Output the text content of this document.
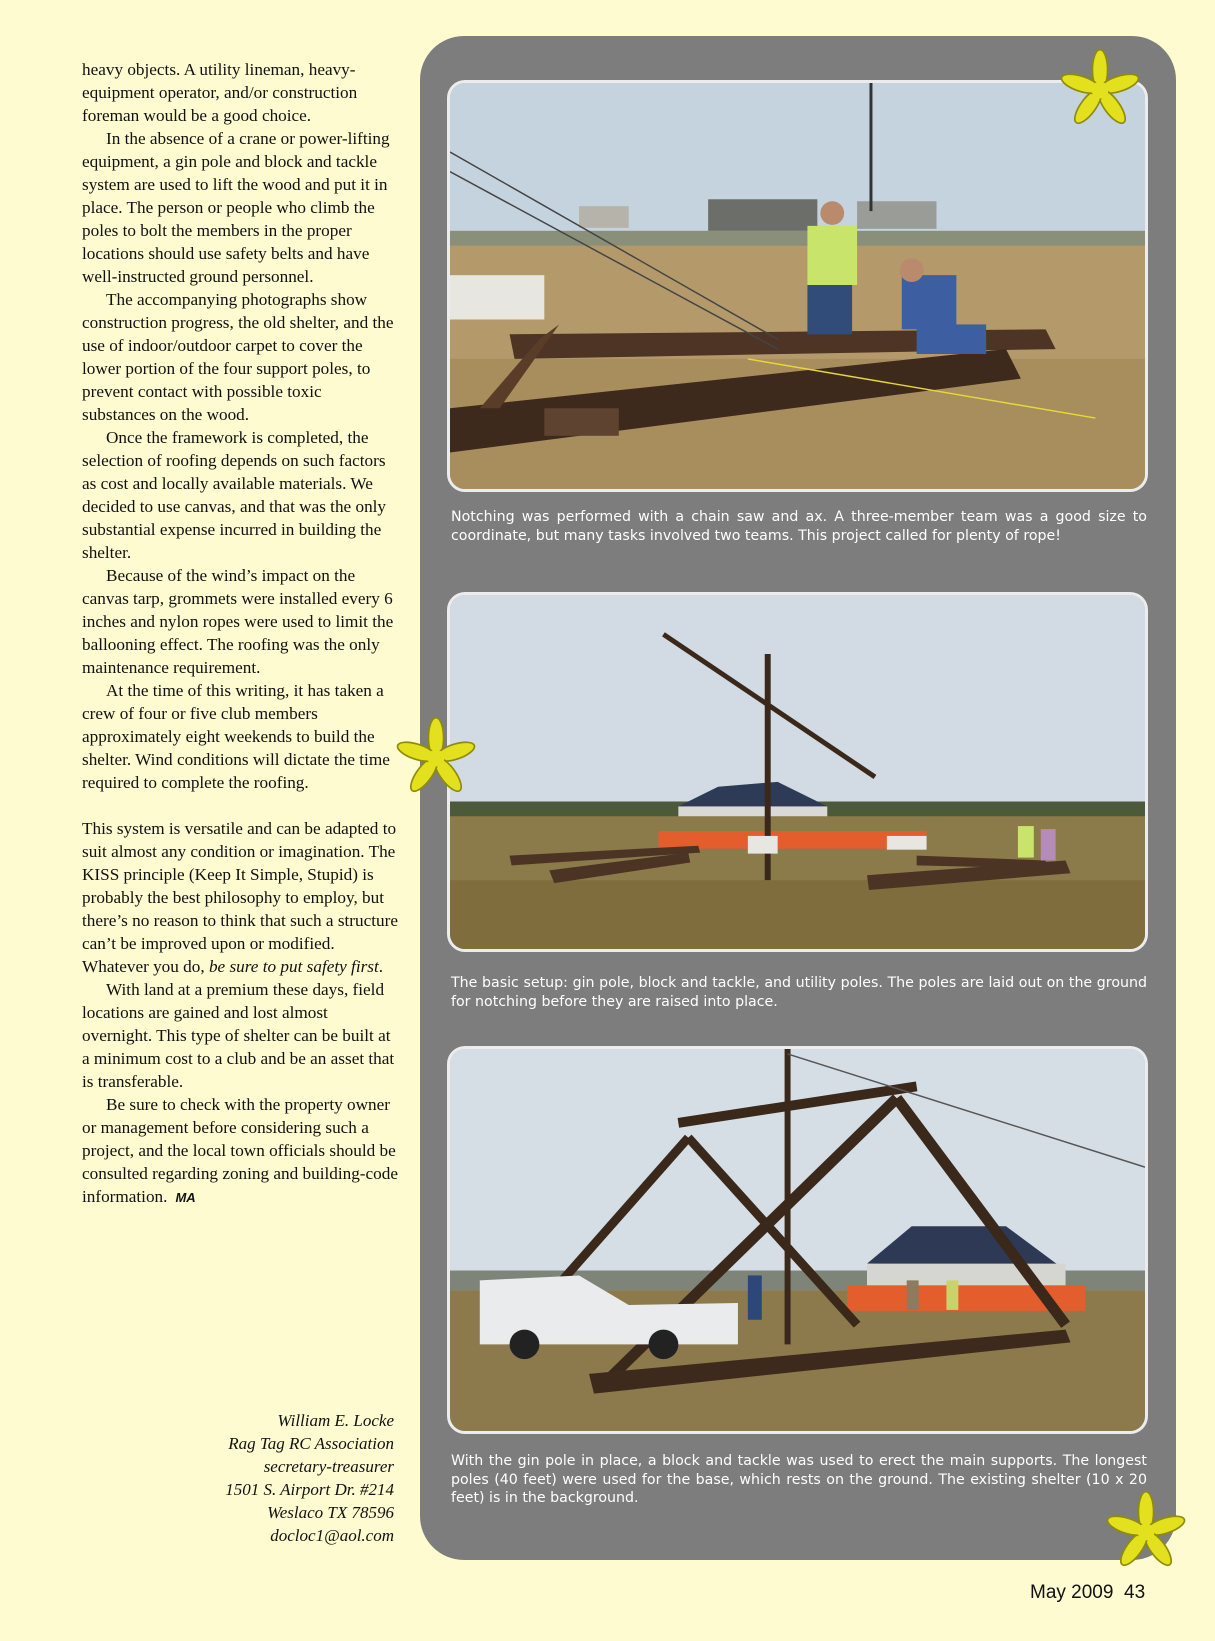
heavy objects. A utility lineman, heavy-equipment operator, and/or construction foreman would be a good choice.

In the absence of a crane or power-lifting equipment, a gin pole and block and tackle system are used to lift the wood and put it in place. The person or people who climb the poles to bolt the members in the proper locations should use safety belts and have well-instructed ground personnel.

The accompanying photographs show construction progress, the old shelter, and the use of indoor/outdoor carpet to cover the lower portion of the four support poles, to prevent contact with possible toxic substances on the wood.

Once the framework is completed, the selection of roofing depends on such factors as cost and locally available materials. We decided to use canvas, and that was the only substantial expense incurred in building the shelter.

Because of the wind’s impact on the canvas tarp, grommets were installed every 6 inches and nylon ropes were used to limit the ballooning effect. The roofing was the only maintenance requirement.

At the time of this writing, it has taken a crew of four or five club members approximately eight weekends to build the shelter. Wind conditions will dictate the time required to complete the roofing.

This system is versatile and can be adapted to suit almost any condition or imagination. The KISS principle (Keep It Simple, Stupid) is probably the best philosophy to employ, but there’s no reason to think that such a structure can’t be improved upon or modified. Whatever you do, be sure to put safety first.

With land at a premium these days, field locations are gained and lost almost overnight. This type of shelter can be built at a minimum cost to a club and be an asset that is transferable.

Be sure to check with the property owner or management before considering such a project, and the local town officials should be consulted regarding zoning and building-code information. MA

William E. Locke
Rag Tag RC Association
secretary-treasurer
1501 S. Airport Dr. #214
Weslaco TX 78596
docloc1@aol.com
Notching was performed with a chain saw and ax. A three-member team was a good size to coordinate, but many tasks involved two teams. This project called for plenty of rope!
The basic setup: gin pole, block and tackle, and utility poles. The poles are laid out on the ground for notching before they are raised into place.
With the gin pole in place, a block and tackle was used to erect the main supports. The longest poles (40 feet) were used for the base, which rests on the ground. The existing shelter (10 x 20 feet) is in the background.
May 2009 43
